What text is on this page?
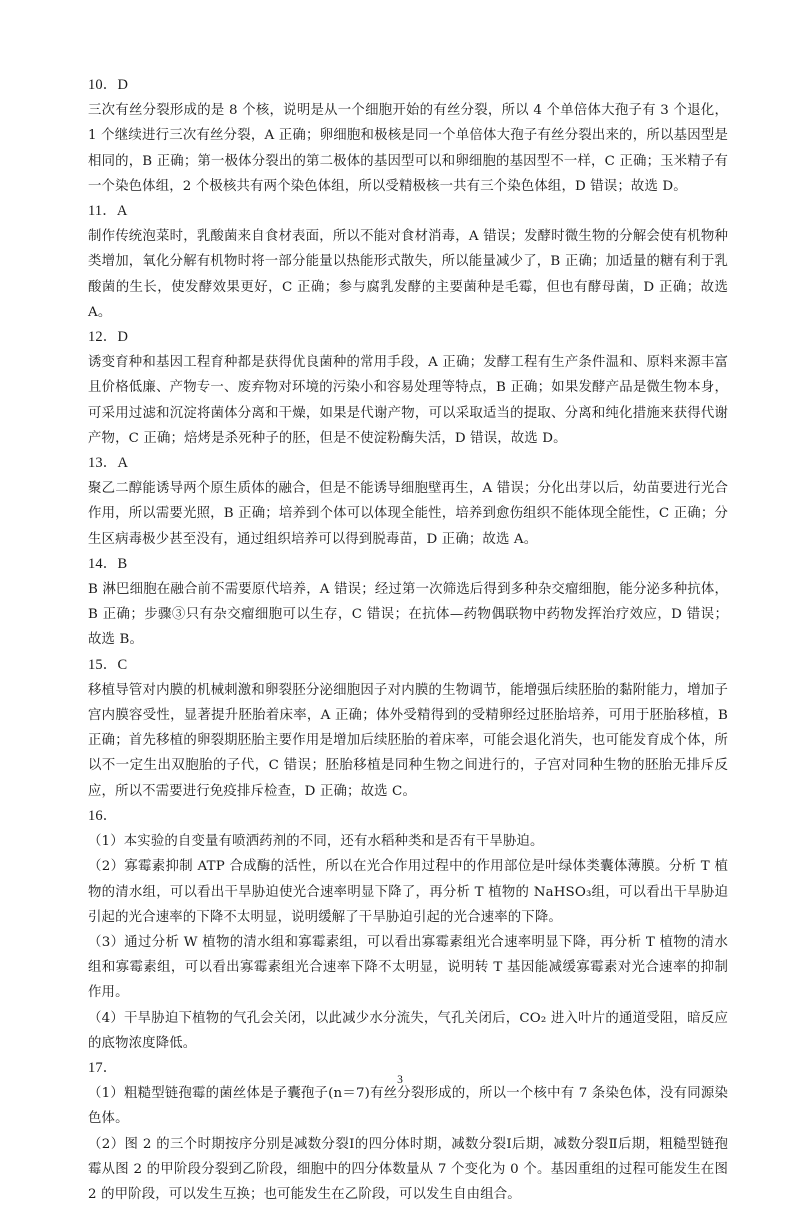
10．D

三次有丝分裂形成的是 8 个核，说明是从一个细胞开始的有丝分裂，所以 4 个单倍体大孢子有 3 个退化，1 个继续进行三次有丝分裂，A 正确；卵细胞和极核是同一个单倍体大孢子有丝分裂出来的，所以基因型是相同的，B 正确；第一极体分裂出的第二极体的基因型可以和卵细胞的基因型不一样，C 正确；玉米精子有一个染色体组，2 个极核共有两个染色体组，所以受精极核一共有三个染色体组，D 错误；故选 D。

11．A

制作传统泡菜时，乳酸菌来自食材表面，所以不能对食材消毒，A 错误；发酵时微生物的分解会使有机物种类增加，氧化分解有机物时将一部分能量以热能形式散失，所以能量减少了，B 正确；加适量的糖有利于乳酸菌的生长，使发酵效果更好，C 正确；参与腐乳发酵的主要菌种是毛霉，但也有酵母菌，D 正确；故选 A。

12．D

诱变育种和基因工程育种都是获得优良菌种的常用手段，A 正确；发酵工程有生产条件温和、原料来源丰富且价格低廉、产物专一、废弃物对环境的污染小和容易处理等特点，B 正确；如果发酵产品是微生物本身，可采用过滤和沉淀将菌体分离和干燥，如果是代谢产物，可以采取适当的提取、分离和纯化措施来获得代谢产物，C 正确；焙烤是杀死种子的胚，但是不使淀粉酶失活，D 错误，故选 D。

13．A

聚乙二醇能诱导两个原生质体的融合，但是不能诱导细胞壁再生，A 错误；分化出芽以后，幼苗要进行光合作用，所以需要光照，B 正确；培养到个体可以体现全能性，培养到愈伤组织不能体现全能性，C 正确；分生区病毒极少甚至没有，通过组织培养可以得到脱毒苗，D 正确；故选 A。

14．B

B 淋巴细胞在融合前不需要原代培养，A 错误；经过第一次筛选后得到多种杂交瘤细胞，能分泌多种抗体，B 正确；步骤③只有杂交瘤细胞可以生存，C 错误；在抗体—药物偶联物中药物发挥治疗效应，D 错误；故选 B。

15．C

移植导管对内膜的机械刺激和卵裂胚分泌细胞因子对内膜的生物调节，能增强后续胚胎的黏附能力，增加子宫内膜容受性，显著提升胚胎着床率，A 正确；体外受精得到的受精卵经过胚胎培养，可用于胚胎移植，B 正确；首先移植的卵裂期胚胎主要作用是增加后续胚胎的着床率，可能会退化消失，也可能发育成个体，所以不一定生出双胞胎的子代，C 错误；胚胎移植是同种生物之间进行的，子宫对同种生物的胚胎无排斥反应，所以不需要进行免疫排斥检查，D 正确；故选 C。

16．

（1）本实验的自变量有喷洒药剂的不同，还有水稻种类和是否有干旱胁迫。

（2）寡霉素抑制 ATP 合成酶的活性，所以在光合作用过程中的作用部位是叶绿体类囊体薄膜。分析 T 植物的清水组，可以看出干旱胁迫使光合速率明显下降了，再分析 T 植物的 NaHSO₃组，可以看出干旱胁迫引起的光合速率的下降不太明显，说明缓解了干旱胁迫引起的光合速率的下降。

（3）通过分析 W 植物的清水组和寡霉素组，可以看出寡霉素组光合速率明显下降，再分析 T 植物的清水组和寡霉素组，可以看出寡霉素组光合速率下降不太明显，说明转 T 基因能减缓寡霉素对光合速率的抑制作用。

（4）干旱胁迫下植物的气孔会关闭，以此减少水分流失，气孔关闭后，CO₂ 进入叶片的通道受阻，暗反应的底物浓度降低。

17．

（1）粗糙型链孢霉的菌丝体是子囊孢子(n＝7)有丝分裂形成的，所以一个核中有 7 条染色体，没有同源染色体。

（2）图 2 的三个时期按序分别是减数分裂Ⅰ的四分体时期，减数分裂Ⅰ后期，减数分裂Ⅱ后期，粗糙型链孢霉从图 2 的甲阶段分裂到乙阶段，细胞中的四分体数量从 7 个变化为 0 个。基因重组的过程可能发生在图 2 的甲阶段，可以发生互换；也可能发生在乙阶段，可以发生自由组合。

3
